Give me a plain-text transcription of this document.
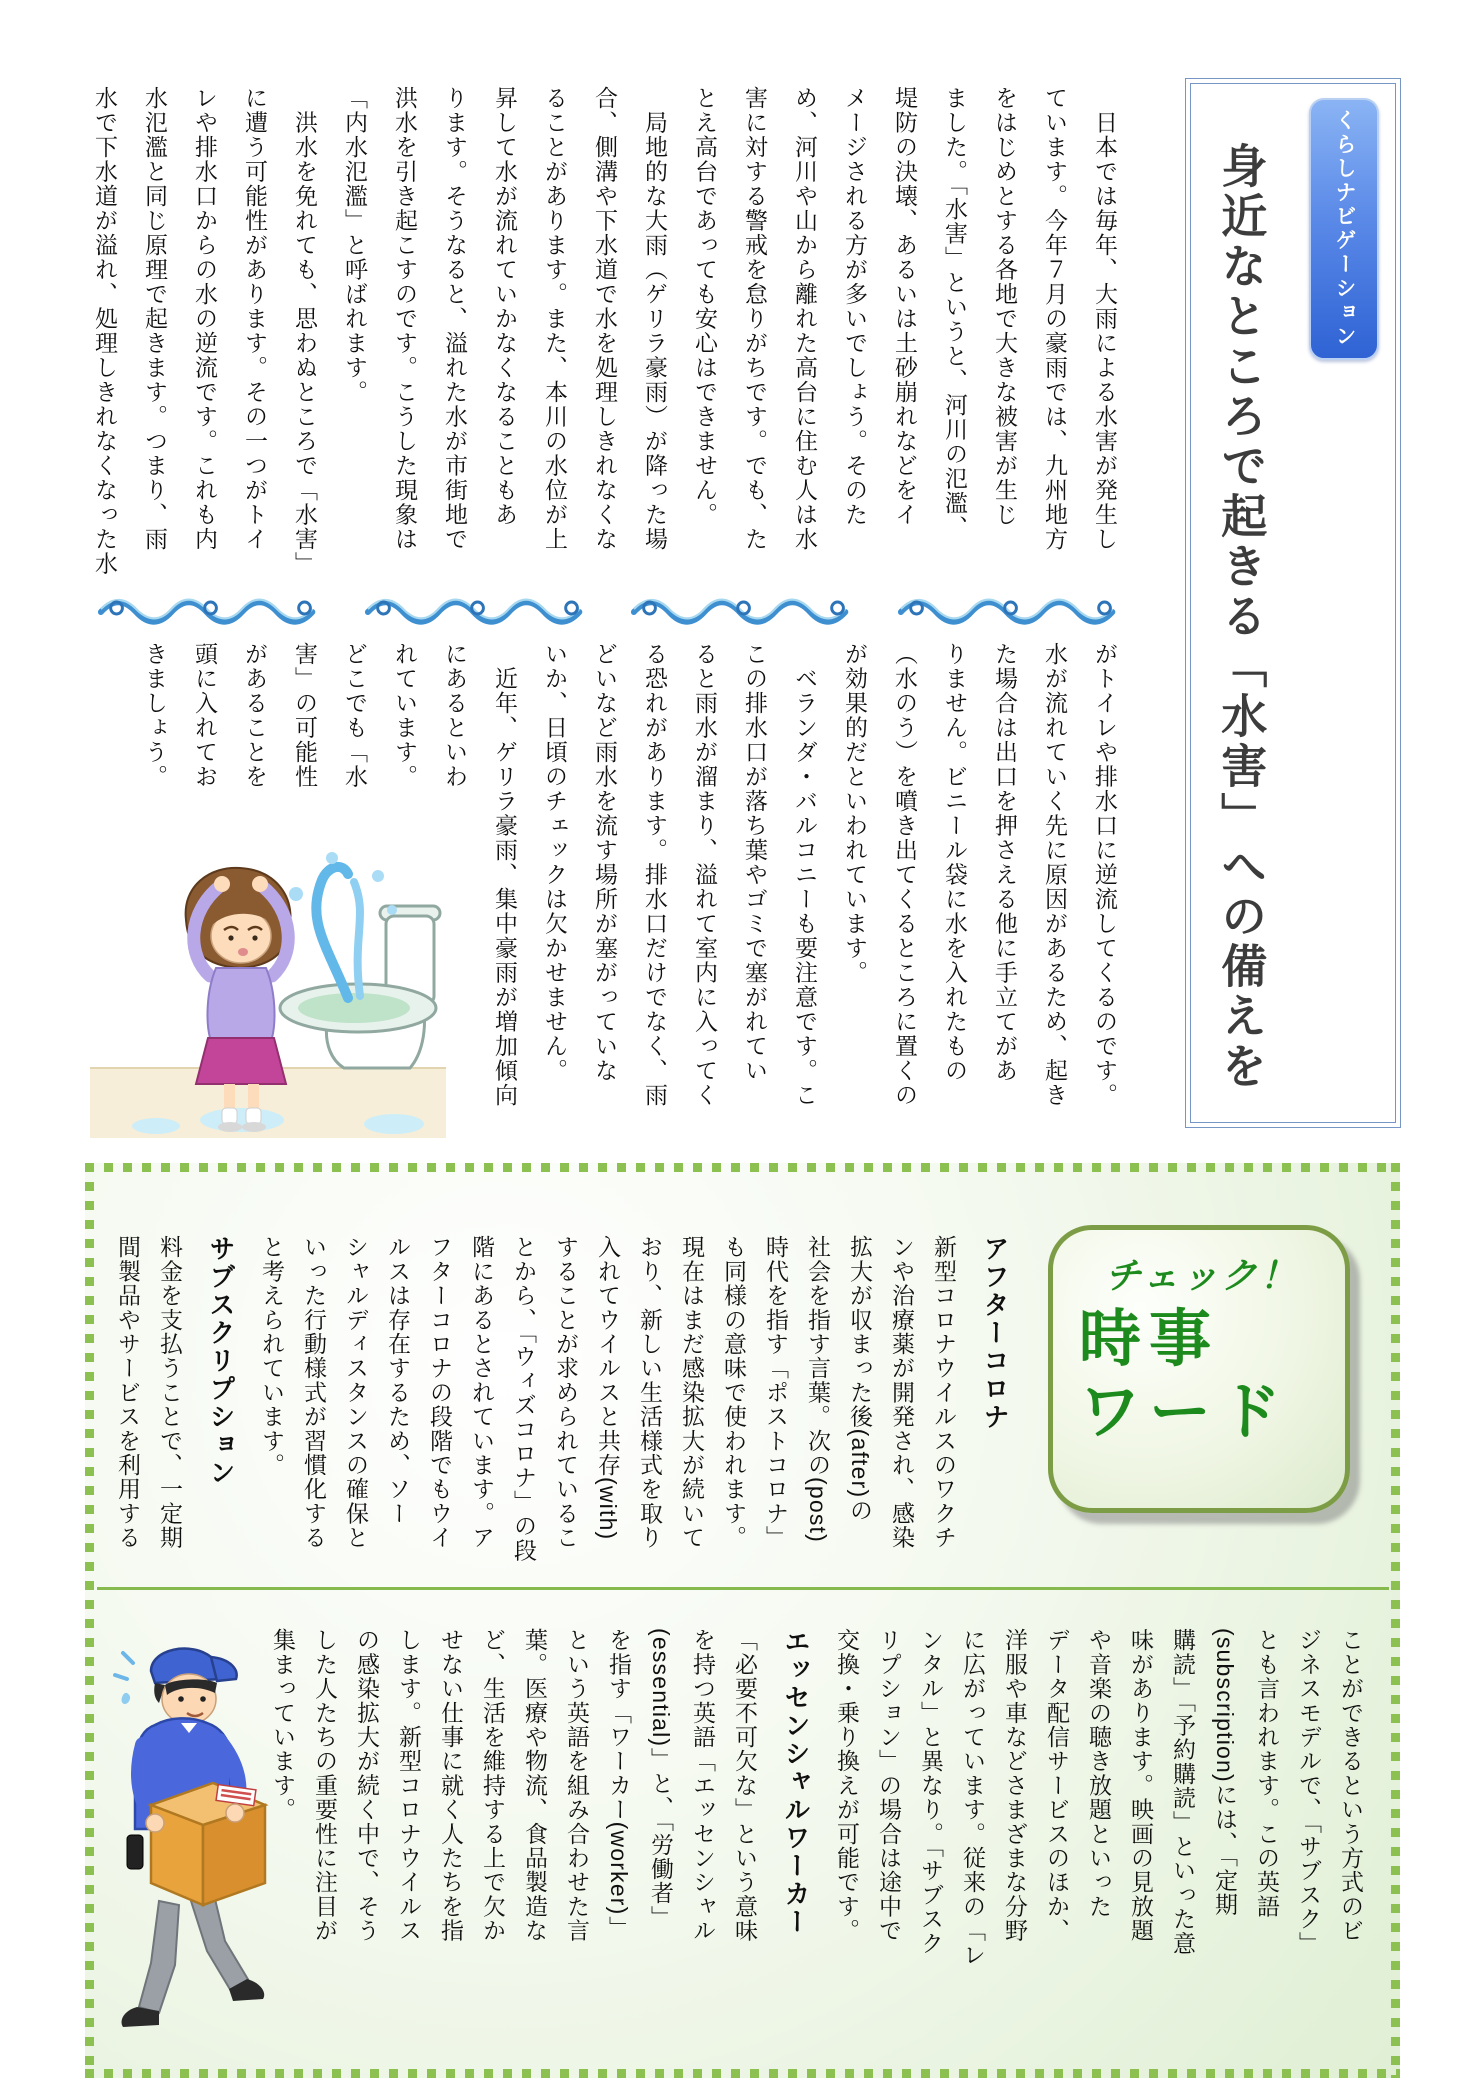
くらしナビゲーション
身近なところで起きる「水害」への備えを
　日本では毎年、大雨による水害が発生し
ています。今年７月の豪雨では、九州地方
をはじめとする各地で大きな被害が生じ
ました。「水害」というと、河川の氾濫、
堤防の決壊、あるいは土砂崩れなどをイ
メージされる方が多いでしょう。そのた
め、河川や山から離れた高台に住む人は水
害に対する警戒を怠りがちです。でも、た
とえ高台であっても安心はできません。
　局地的な大雨（ゲリラ豪雨）が降った場
合、側溝や下水道で水を処理しきれなくな
ることがあります。また、本川の水位が上
昇して水が流れていかなくなることもあ
ります。そうなると、溢れた水が市街地で
洪水を引き起こすのです。こうした現象は
「内水氾濫」と呼ばれます。
　洪水を免れても、思わぬところで「水害」
に遭う可能性があります。その一つがトイ
レや排水口からの水の逆流です。これも内
水氾濫と同じ原理で起きます。つまり、雨
水で下水道が溢れ、処理しきれなくなった水
がトイレや排水口に逆流してくるのです。
水が流れていく先に原因があるため、起き
た場合は出口を押さえる他に手立てがあ
りません。ビニール袋に水を入れたもの
（水のう）を噴き出てくるところに置くの
が効果的だといわれています。
　ベランダ・バルコニーも要注意です。こ
この排水口が落ち葉やゴミで塞がれてい
ると雨水が溜まり、溢れて室内に入ってく
る恐れがあります。排水口だけでなく、雨
どいなど雨水を流す場所が塞がっていな
いか、日頃のチェックは欠かせません。
　近年、ゲリラ豪雨、集中豪雨が増加傾向
にあるといわ
れています。
どこでも「水
害」の可能性
があることを
頭に入れてお
きましょう。
チェック！
時事
ワード
アフターコロナ
新型コロナウイルスのワクチ
ンや治療薬が開発され、感染
拡大が収まった後(after)の
社会を指す言葉。次の(post)
時代を指す「ポストコロナ」
も同様の意味で使われます。
現在はまだ感染拡大が続いて
おり、新しい生活様式を取り
入れてウイルスと共存(with)
することが求められているこ
とから、「ウィズコロナ」の段
階にあるとされています。ア
フターコロナの段階でもウイ
ルスは存在するため、ソー
シャルディスタンスの確保と
いった行動様式が習慣化する
と考えられています。
サブスクリプション
料金を支払うことで、一定期
間製品やサービスを利用する
ことができるという方式のビ
ジネスモデルで、「サブスク」
とも言われます。この英語
(subscription)には、「定期
購読」「予約購読」といった意
味があります。映画の見放題
や音楽の聴き放題といった
データ配信サービスのほか、
洋服や車などさまざまな分野
に広がっています。従来の「レ
ンタル」と異なり。「サブスク
リプション」の場合は途中で
交換・乗り換えが可能です。
エッセンシャルワーカー
「必要不可欠な」という意味
を持つ英語「エッセンシャル
(essential)」と、「労働者」
を指す「ワーカー(worker)」
という英語を組み合わせた言
葉。医療や物流、食品製造な
ど、生活を維持する上で欠か
せない仕事に就く人たちを指
します。新型コロナウイルス
の感染拡大が続く中で、そう
した人たちの重要性に注目が
集まっています。
